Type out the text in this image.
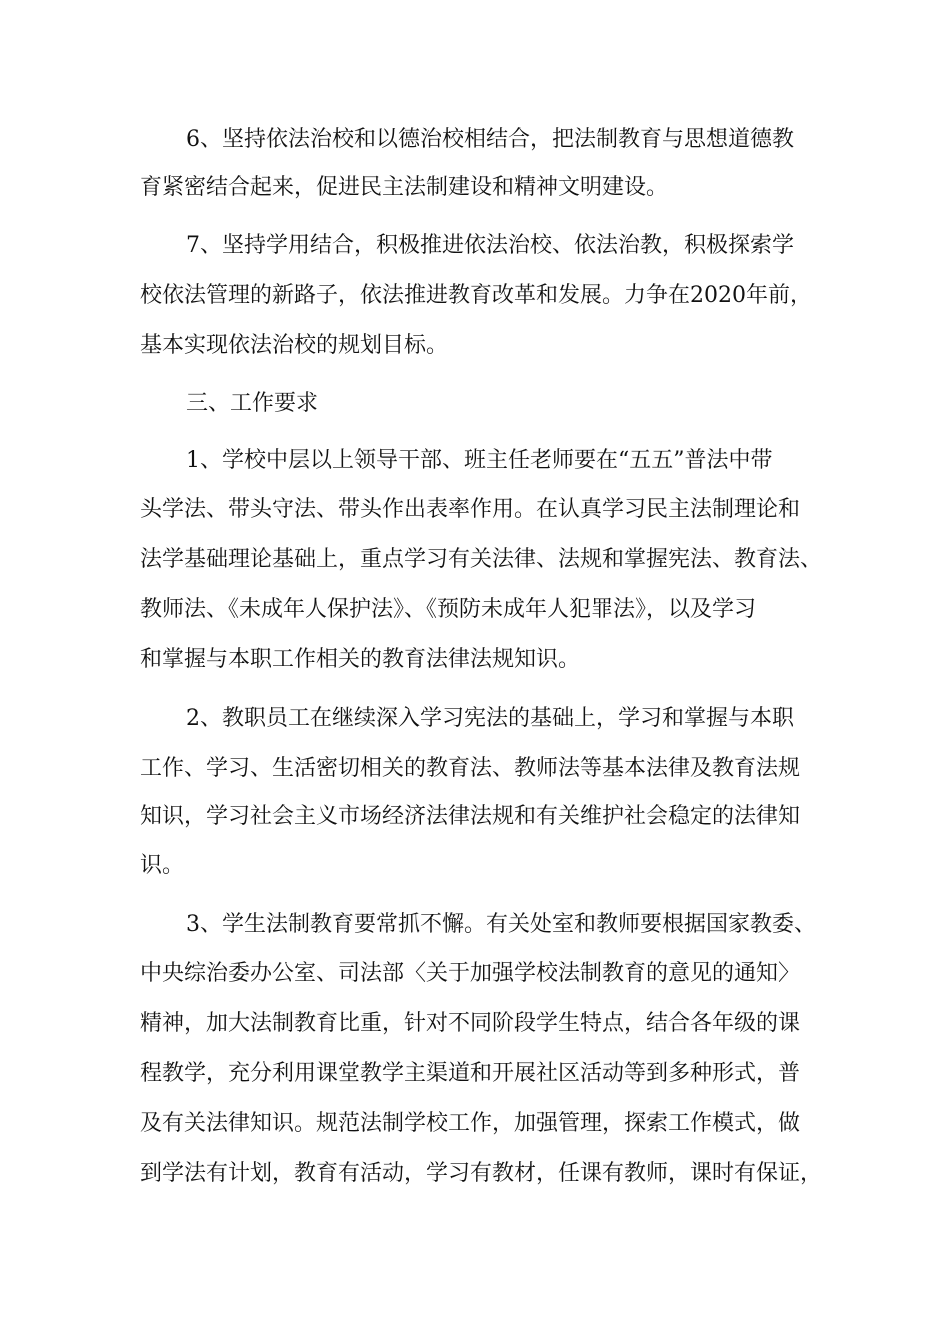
6、坚持依法治校和以德治校相结合，把法制教育与思想道德教
育紧密结合起来，促进民主法制建设和精神文明建设。
7、坚持学用结合，积极推进依法治校、依法治教，积极探索学
校依法管理的新路子，依法推进教育改革和发展。力争在2020年前，
基本实现依法治校的规划目标。
三、工作要求
1、学校中层以上领导干部、班主任老师要在“五五”普法中带
头学法、带头守法、带头作出表率作用。在认真学习民主法制理论和
法学基础理论基础上，重点学习有关法律、法规和掌握宪法、教育法、
教师法、《未成年人保护法》、《预防未成年人犯罪法》，以及学习
和掌握与本职工作相关的教育法律法规知识。
2、教职员工在继续深入学习宪法的基础上，学习和掌握与本职
工作、学习、生活密切相关的教育法、教师法等基本法律及教育法规
知识，学习社会主义市场经济法律法规和有关维护社会稳定的法律知
识。
3、学生法制教育要常抓不懈。有关处室和教师要根据国家教委、
中央综治委办公室、司法部〈关于加强学校法制教育的意见的通知〉
精神，加大法制教育比重，针对不同阶段学生特点，结合各年级的课
程教学，充分利用课堂教学主渠道和开展社区活动等到多种形式，普
及有关法律知识。规范法制学校工作，加强管理，探索工作模式，做
到学法有计划，教育有活动，学习有教材，任课有教师，课时有保证，
